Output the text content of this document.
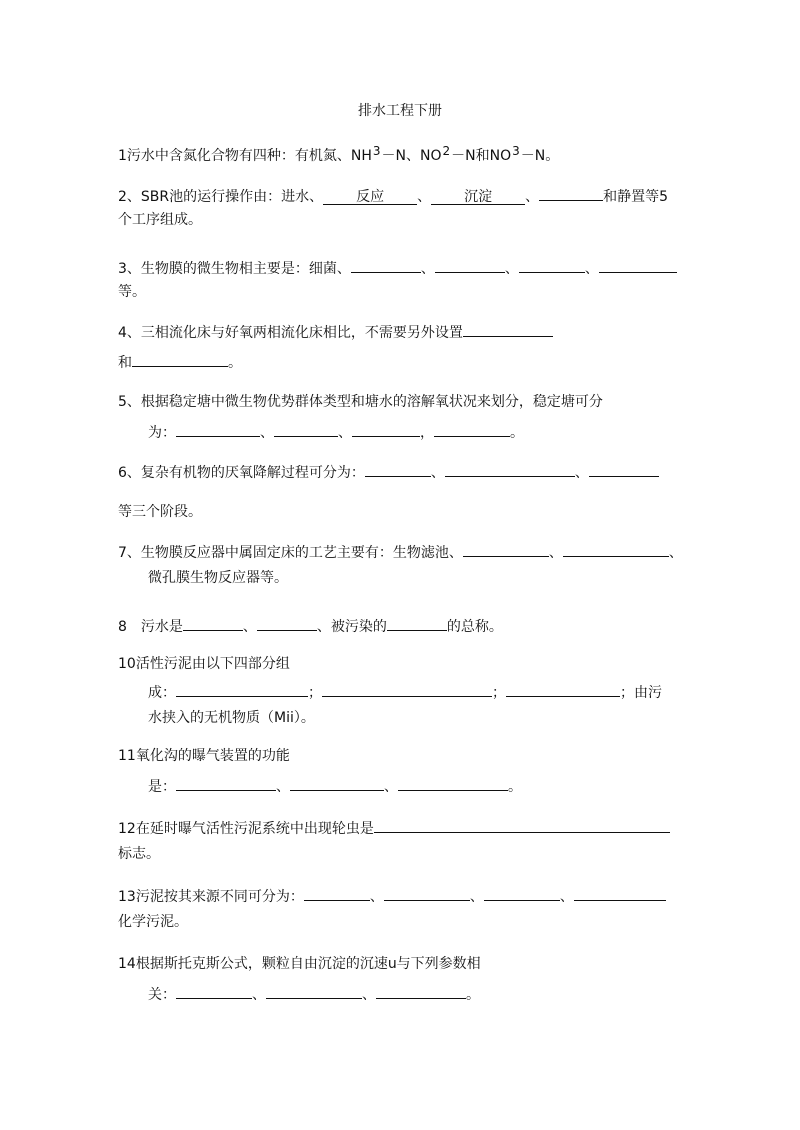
排水工程下册
1污水中含氮化合物有四种：有机氮、NH3－N、NO2－N和NO3－N。
2、SBR池的运行操作由：进水、 反应 、 沉淀 、	和静置等5
个工序组成。
3、生物膜的微生物相主要是：细菌、	、	、	、
等。
4、三相流化床与好氧两相流化床相比，不需要另外设置
和	。
5、根据稳定塘中微生物优势群体类型和塘水的溶解氧状况来划分，稳定塘可分
为：	、	、	，	。
6、复杂有机物的厌氧降解过程可分为：	、	、
等三个阶段。
7、生物膜反应器中属固定床的工艺主要有：生物滤池、	、	、
微孔膜生物反应器等。
8　污水是	、	、被污染的	的总称。
10活性污泥由以下四部分组
成：	；	；	；由污
水挟入的无机物质（Mii）。
11氧化沟的曝气装置的功能
是：	、	、	。
12在延时曝气活性污泥系统中出现轮虫是
标志。
13污泥按其来源不同可分为：	、	、	、
化学污泥。
14根据斯托克斯公式，颗粒自由沉淀的沉速u与下列参数相
关：	、	、	。
